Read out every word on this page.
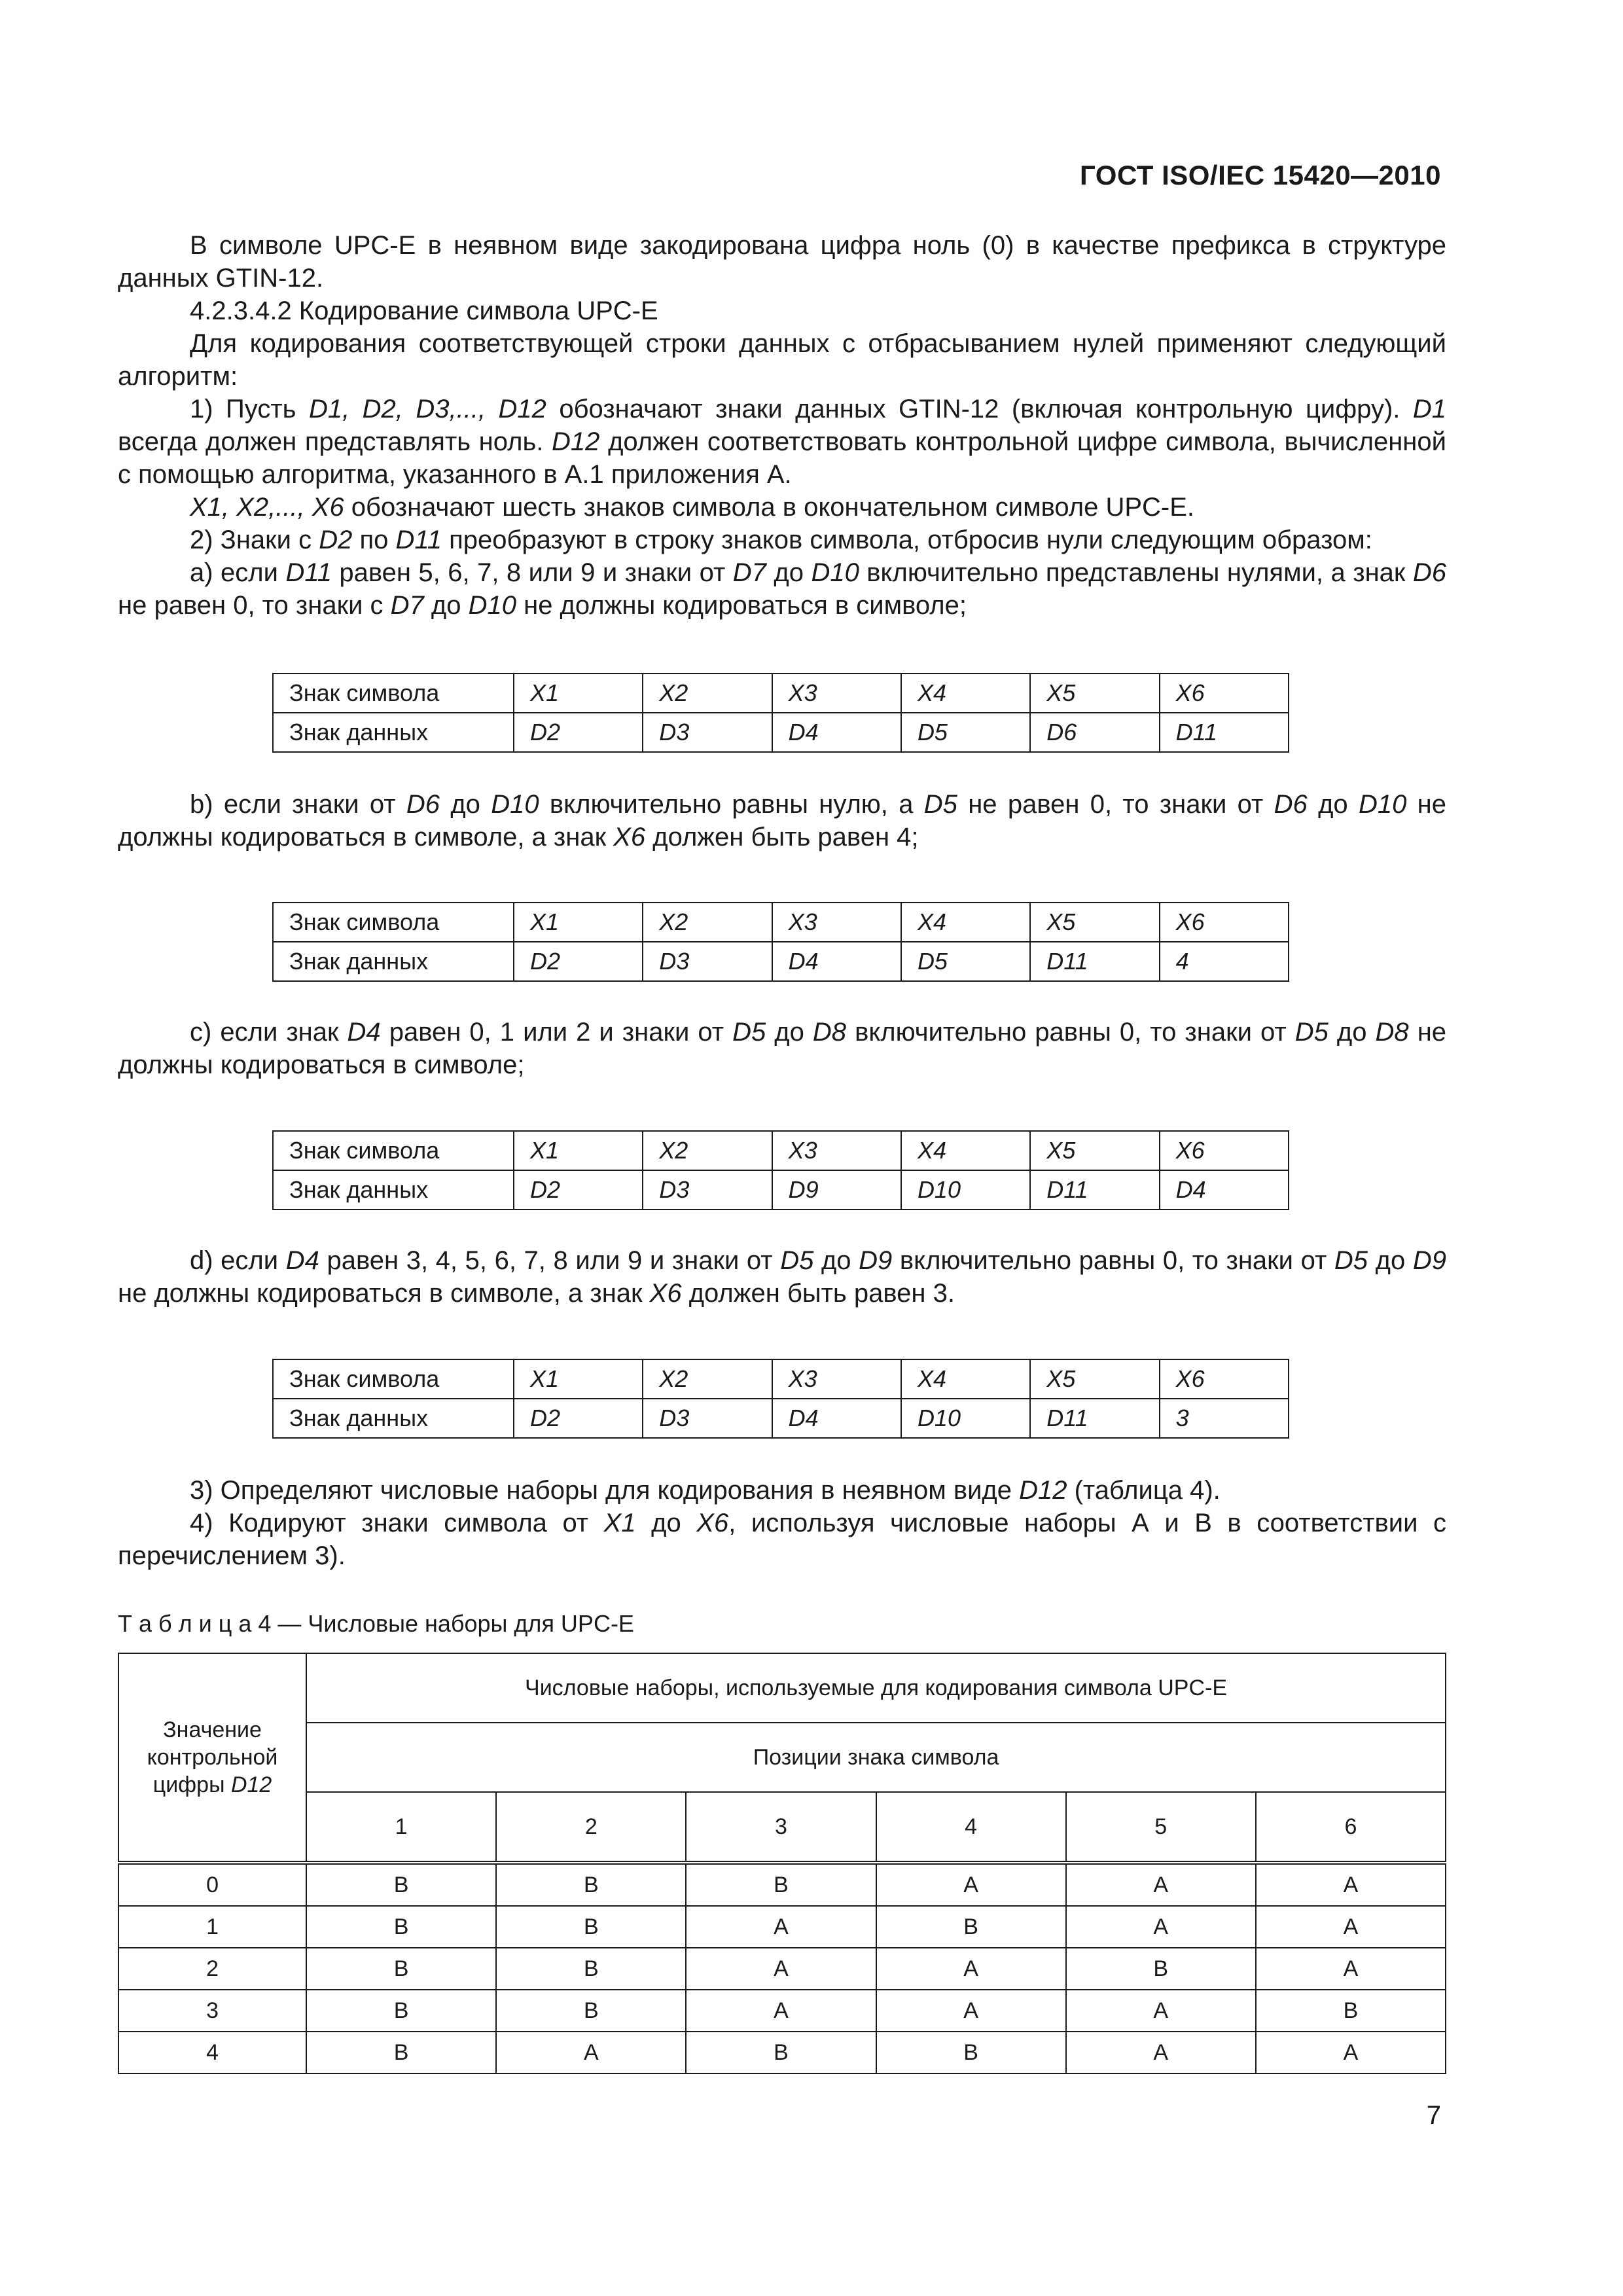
ГОСТ ISO/IEC 15420—2010
В символе UPC-E в неявном виде закодирована цифра ноль (0) в качестве префикса в структуре данных GTIN-12.
4.2.3.4.2 Кодирование символа UPC-E
Для кодирования соответствующей строки данных с отбрасыванием нулей применяют следующий алгоритм:
1) Пусть D1, D2, D3,..., D12 обозначают знаки данных GTIN-12 (включая контрольную цифру). D1 всегда должен представлять ноль. D12 должен соответствовать контрольной цифре символа, вычисленной с помощью алгоритма, указанного в А.1 приложения А.
X1, X2,..., X6 обозначают шесть знаков символа в окончательном символе UPC-E.
2) Знаки с D2 по D11 преобразуют в строку знаков символа, отбросив нули следующим образом:
a) если D11 равен 5, 6, 7, 8 или 9 и знаки от D7 до D10 включительно представлены нулями, а знак D6 не равен 0, то знаки с D7 до D10 не должны кодироваться в символе;
Знак символа	X1	X2	X3	X4	X5	X6
Знак данных	D2	D3	D4	D5	D6	D11
b) если знаки от D6 до D10 включительно равны нулю, а D5 не равен 0, то знаки от D6 до D10 не должны кодироваться в символе, а знак X6 должен быть равен 4;
Знак символа	X1	X2	X3	X4	X5	X6
Знак данных	D2	D3	D4	D5	D11	4
c) если знак D4 равен 0, 1 или 2 и знаки от D5 до D8 включительно равны 0, то знаки от D5 до D8 не должны кодироваться в символе;
Знак символа	X1	X2	X3	X4	X5	X6
Знак данных	D2	D3	D9	D10	D11	D4
d) если D4 равен 3, 4, 5, 6, 7, 8 или 9 и знаки от D5 до D9 включительно равны 0, то знаки от D5 до D9 не должны кодироваться в символе, а знак X6 должен быть равен 3.
Знак символа	X1	X2	X3	X4	X5	X6
Знак данных	D2	D3	D4	D10	D11	3
3) Определяют числовые наборы для кодирования в неявном виде D12 (таблица 4).
4) Кодируют знаки символа от X1 до X6, используя числовые наборы А и В в соответствии с перечислением 3).
Т а б л и ц а 4 — Числовые наборы для UPC-E
Значение контрольной цифры D12	Числовые наборы, используемые для кодирования символа UPC-E					
	Позиции знака символа					
	1	2	3	4	5	6
0	B	B	B	A	A	A
1	B	B	A	B	A	A
2	B	B	A	A	B	A
3	B	B	A	A	A	B
4	B	A	B	B	A	A
7
